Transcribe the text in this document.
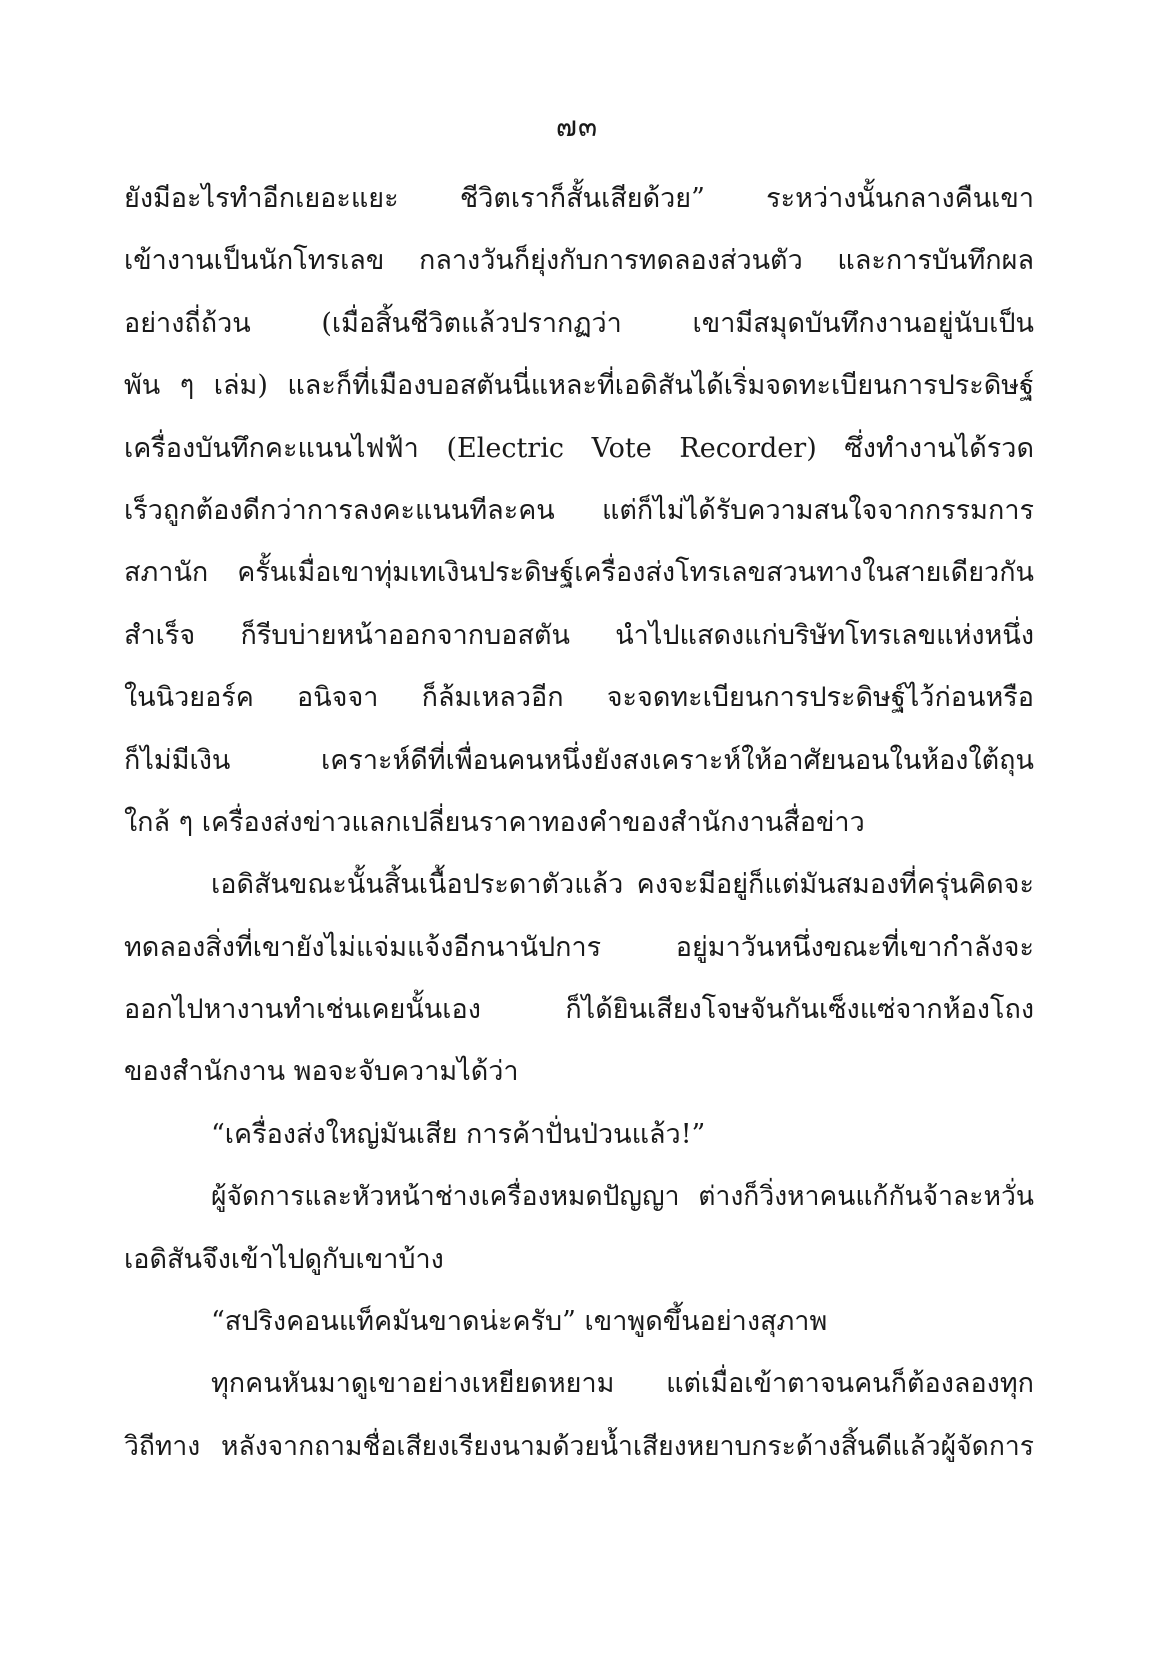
๗๓
ยังมีอะไรทำอีกเยอะแยะ ชีวิตเราก็สั้นเสียด้วย” ระหว่างนั้นกลางคืนเขา
เข้างานเป็นนักโทรเลข กลางวันก็ยุ่งกับการทดลองส่วนตัว และการบันทึกผล
อย่างถี่ถ้วน (เมื่อสิ้นชีวิตแล้วปรากฏว่า เขามีสมุดบันทึกงานอยู่นับเป็น
พัน ๆ เล่ม) และก็ที่เมืองบอสตันนี่แหละที่เอดิสันได้เริ่มจดทะเบียนการประดิษฐ์
เครื่องบันทึกคะแนนไฟฟ้า (Electric Vote Recorder) ซึ่งทำงานได้รวด
เร็วถูกต้องดีกว่าการลงคะแนนทีละคน แต่ก็ไม่ได้รับความสนใจจากกรรมการ
สภานัก ครั้นเมื่อเขาทุ่มเทเงินประดิษฐ์เครื่องส่งโทรเลขสวนทางในสายเดียวกัน
สำเร็จ ก็รีบบ่ายหน้าออกจากบอสตัน นำไปแสดงแก่บริษัทโทรเลขแห่งหนึ่ง
ในนิวยอร์ค อนิจจา ก็ล้มเหลวอีก จะจดทะเบียนการประดิษฐ์ไว้ก่อนหรือ
ก็ไม่มีเงิน เคราะห์ดีที่เพื่อนคนหนึ่งยังสงเคราะห์ให้อาศัยนอนในห้องใต้ถุน
ใกล้ ๆ เครื่องส่งข่าวแลกเปลี่ยนราคาทองคำของสำนักงานสื่อข่าว
เอดิสันขณะนั้นสิ้นเนื้อประดาตัวแล้ว คงจะมีอยู่ก็แต่มันสมองที่ครุ่นคิดจะ
ทดลองสิ่งที่เขายังไม่แจ่มแจ้งอีกนานัปการ อยู่มาวันหนึ่งขณะที่เขากำลังจะ
ออกไปหางานทำเช่นเคยนั้นเอง ก็ได้ยินเสียงโจษจันกันเซ็งแซ่จากห้องโถง
ของสำนักงาน พอจะจับความได้ว่า
“เครื่องส่งใหญ่มันเสีย การค้าปั่นป่วนแล้ว!”
ผู้จัดการและหัวหน้าช่างเครื่องหมดปัญญา ต่างก็วิ่งหาคนแก้กันจ้าละหวั่น
เอดิสันจึงเข้าไปดูกับเขาบ้าง
“สปริงคอนแท็คมันขาดน่ะครับ” เขาพูดขึ้นอย่างสุภาพ
ทุกคนหันมาดูเขาอย่างเหยียดหยาม แต่เมื่อเข้าตาจนคนก็ต้องลองทุก
วิถีทาง หลังจากถามชื่อเสียงเรียงนามด้วยน้ำเสียงหยาบกระด้างสิ้นดีแล้วผู้จัดการ
